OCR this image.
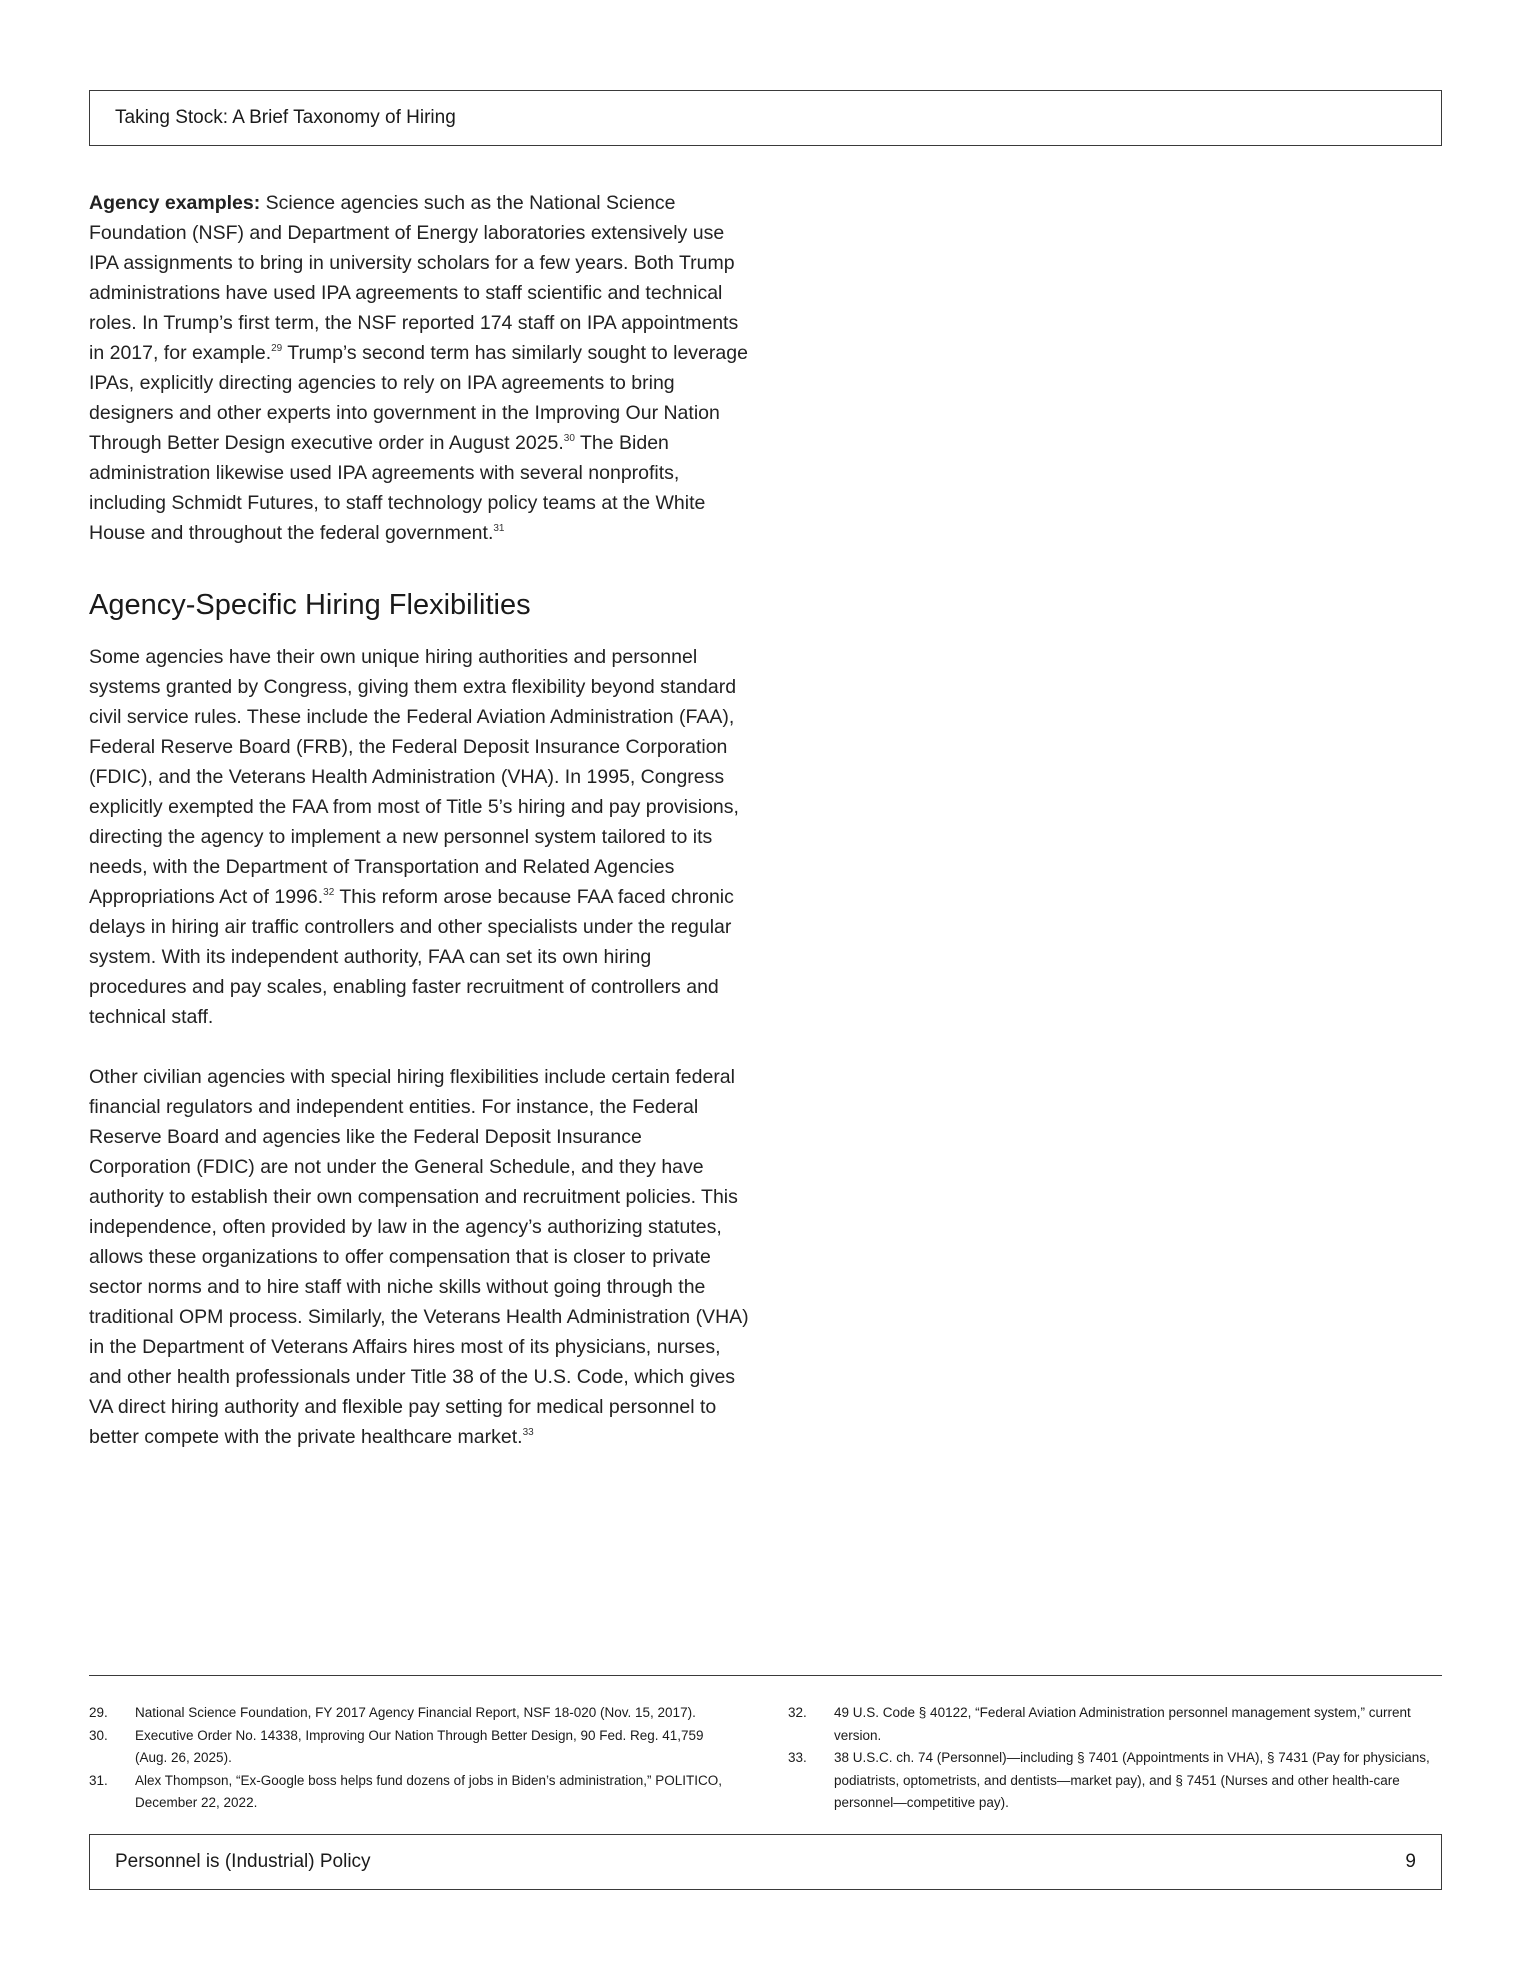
Taking Stock: A Brief Taxonomy of Hiring

Agency examples: Science agencies such as the National Science Foundation (NSF) and Department of Energy laboratories extensively use IPA assignments to bring in university scholars for a few years. Both Trump administrations have used IPA agreements to staff scientific and technical roles. In Trump’s first term, the NSF reported 174 staff on IPA appointments in 2017, for example.$^{29}$ Trump’s second term has similarly sought to leverage IPAs, explicitly directing agencies to rely on IPA agreements to bring designers and other experts into government in the Improving Our Nation Through Better Design executive order in August 2025.30 The Biden administration likewise used IPA agreements with several nonprofits, including Schmidt Futures, to staff technology policy teams at the White House and throughout the federal government.$^{31}$

Agency-Specific Hiring Flexibilities

Some agencies have their own unique hiring authorities and personnel systems granted by Congress, giving them extra flexibility beyond standard civil service rules. These include the Federal Aviation Administration (FAA), Federal Reserve Board (FRB), the Federal Deposit Insurance Corporation (FDIC), and the Veterans Health Administration (VHA). In 1995, Congress explicitly exempted the FAA from most of Title 5’s hiring and pay provisions, directing the agency to implement a new personnel system tailored to its needs, with the Department of Transportation and Related Agencies Appropriations Act of 1996.32 This reform arose because FAA faced chronic delays in hiring air traffic controllers and other specialists under the regular system. With its independent authority, FAA can set its own hiring procedures and pay scales, enabling faster recruitment of controllers and technical staff.

Other civilian agencies with special hiring flexibilities include certain federal financial regulators and independent entities. For instance, the Federal Reserve Board and agencies like the Federal Deposit Insurance Corporation (FDIC) are not under the General Schedule, and they have authority to establish their own compensation and recruitment policies. This independence, often provided by law in the agency’s authorizing statutes, allows these organizations to offer compensation that is closer to private sector norms and to hire staff with niche skills without going through the traditional OPM process. Similarly, the Veterans Health Administration (VHA) in the Department of Veterans Affairs hires most of its physicians, nurses, and other health professionals under Title 38 of the U.S. Code, which gives VA direct hiring authority and flexible pay setting for medical personnel to better compete with the private healthcare market.$^{33}$

29.	National Science Foundation, FY 2017 Agency Financial Report, NSF 18-020 (Nov. 15, 2017).
30.	Executive Order No. 14338, Improving Our Nation Through Better Design, 90 Fed. Reg. 41,759 (Aug. 26, 2025).
31.	Alex Thompson, “Ex-Google boss helps fund dozens of jobs in Biden’s administration,” POLITICO, December 22, 2022.
32.	49 U.S. Code § 40122, “Federal Aviation Administration personnel management system,” current version.
33.	38 U.S.C. ch. 74 (Personnel)—including § 7401 (Appointments in VHA), § 7431 (Pay for physicians, podiatrists, optometrists, and dentists—market pay), and § 7451 (Nurses and other health-care personnel—competitive pay).
Personnel is (Industrial) Policy	9
